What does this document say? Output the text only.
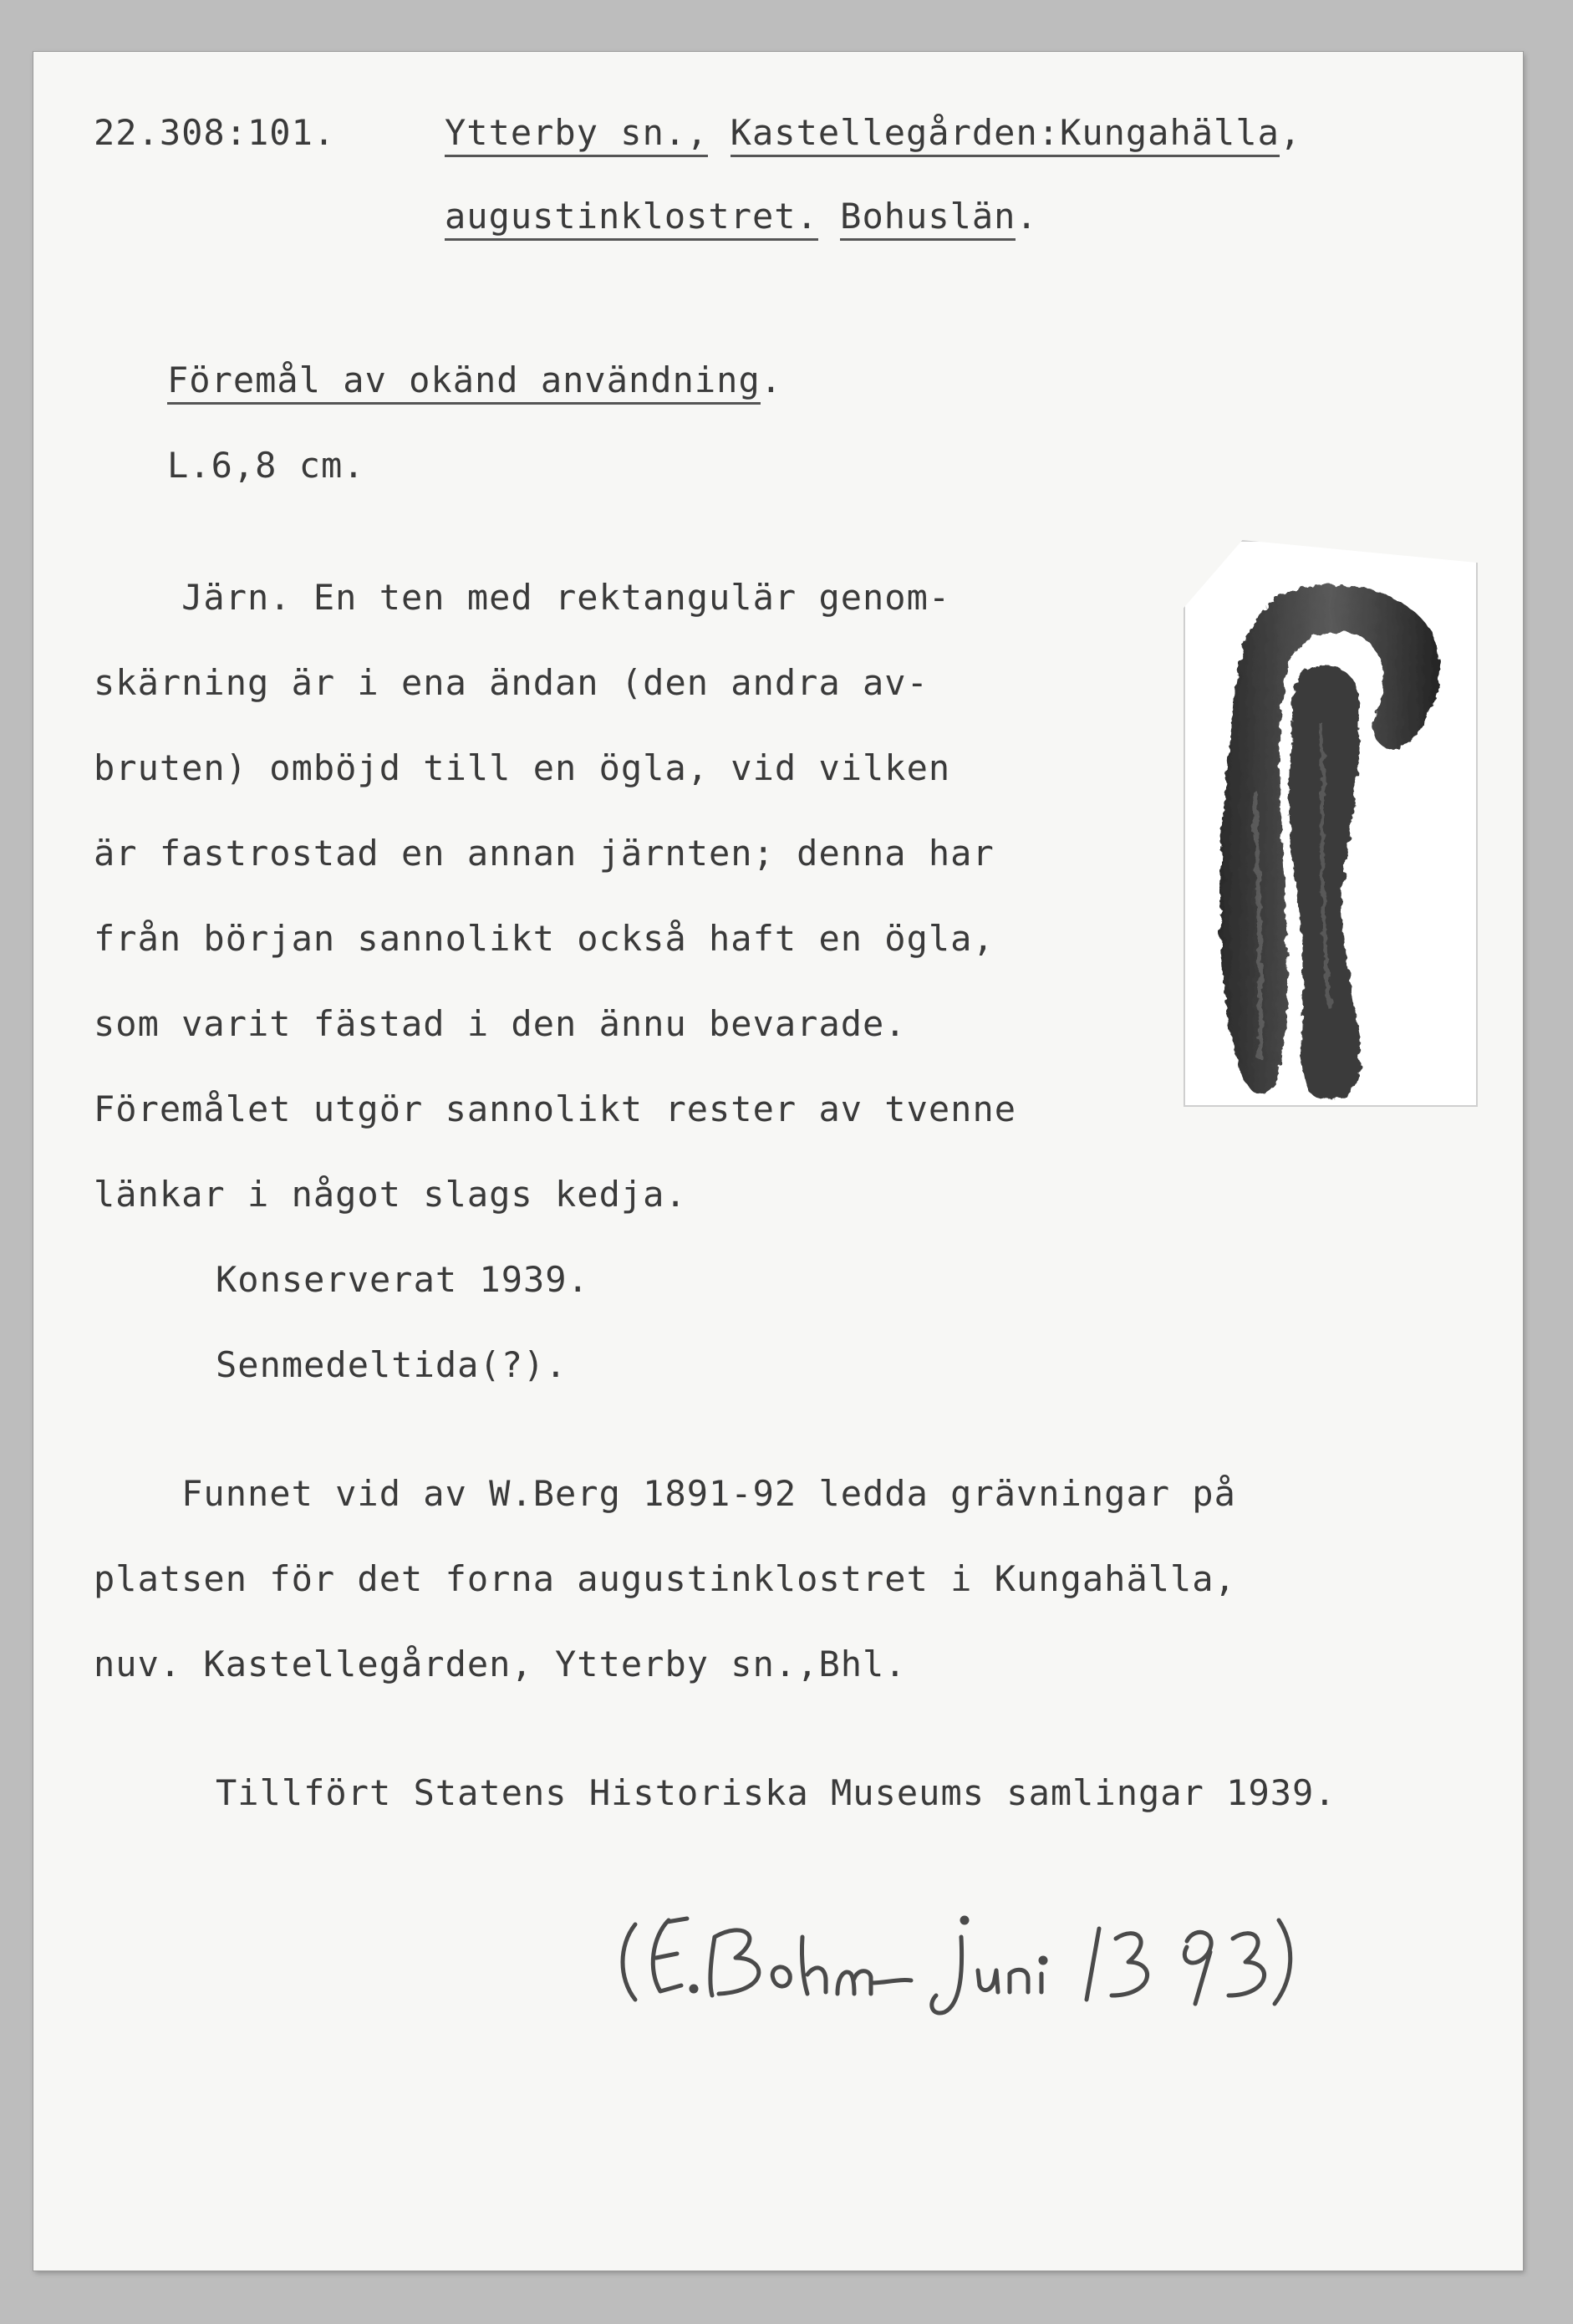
22.308:101.	Ytterby sn., Kastellegården:Kungahälla,
augustinklostret. Bohuslän.
Föremål av okänd användning.
L.6,8 cm.
Järn. En ten med rektangulär genom-
skärning är i ena ändan (den andra av-
bruten) omböjd till en ögla, vid vilken
är fastrostad en annan järnten; denna har
från början sannolikt också haft en ögla,
som varit fästad i den ännu bevarade.
Föremålet utgör sannolikt rester av tvenne
länkar i något slags kedja.
Konserverat 1939.
Senmedeltida(?).
Funnet vid av W.Berg 1891-92 ledda grävningar på
platsen för det forna augustinklostret i Kungahälla,
nuv. Kastellegården, Ytterby sn.,Bhl.
Tillfört Statens Historiska Museums samlingar 1939.
